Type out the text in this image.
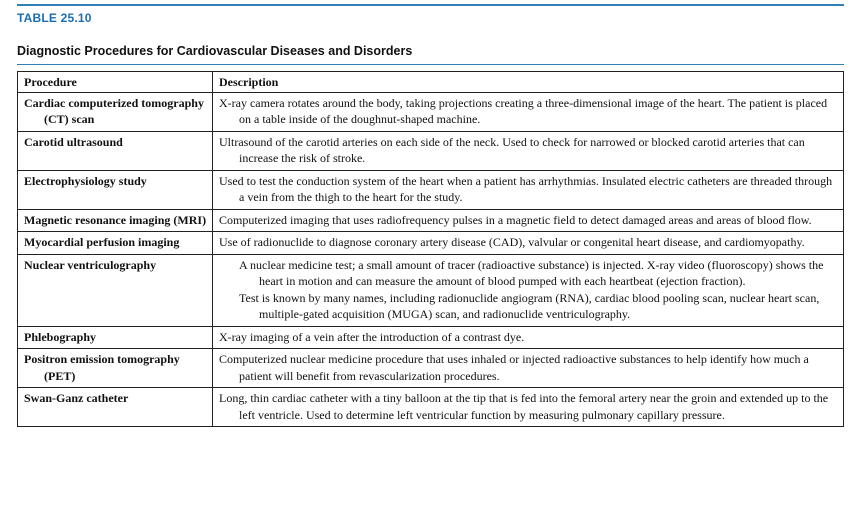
TABLE 25.10
Diagnostic Procedures for Cardiovascular Diseases and Disorders
Procedure	Description

Cardiac computerized tomography (CT) scan	X-ray camera rotates around the body, taking projections creating a three-dimensional image of the heart. The patient is placed on a table inside of the doughnut-shaped machine.

Carotid ultrasound	Ultrasound of the carotid arteries on each side of the neck. Used to check for narrowed or blocked carotid arteries that can increase the risk of stroke.

Electrophysiology study	Used to test the conduction system of the heart when a patient has arrhythmias. Insulated electric catheters are threaded through a vein from the thigh to the heart for the study.

Magnetic resonance imaging (MRI)	Computerized imaging that uses radiofrequency pulses in a magnetic field to detect damaged areas and areas of blood flow.

Myocardial perfusion imaging	Use of radionuclide to diagnose coronary artery disease (CAD), valvular or congenital heart disease, and cardiomyopathy.

Nuclear ventriculography	A nuclear medicine test; a small amount of tracer (radioactive substance) is injected. X-ray video (fluoroscopy) shows the heart in motion and can measure the amount of blood pumped with each heartbeat (ejection fraction).
Test is known by many names, including radionuclide angiogram (RNA), cardiac blood pooling scan, nuclear heart scan, multiple-gated acquisition (MUGA) scan, and radionuclide ventriculography.

Phlebography	X-ray imaging of a vein after the introduction of a contrast dye.

Positron emission tomography (PET)	Computerized nuclear medicine procedure that uses inhaled or injected radioactive substances to help identify how much a patient will benefit from revascularization procedures.

Swan-Ganz catheter	Long, thin cardiac catheter with a tiny balloon at the tip that is fed into the femoral artery near the groin and extended up to the left ventricle. Used to determine left ventricular function by measuring pulmonary capillary pressure.
